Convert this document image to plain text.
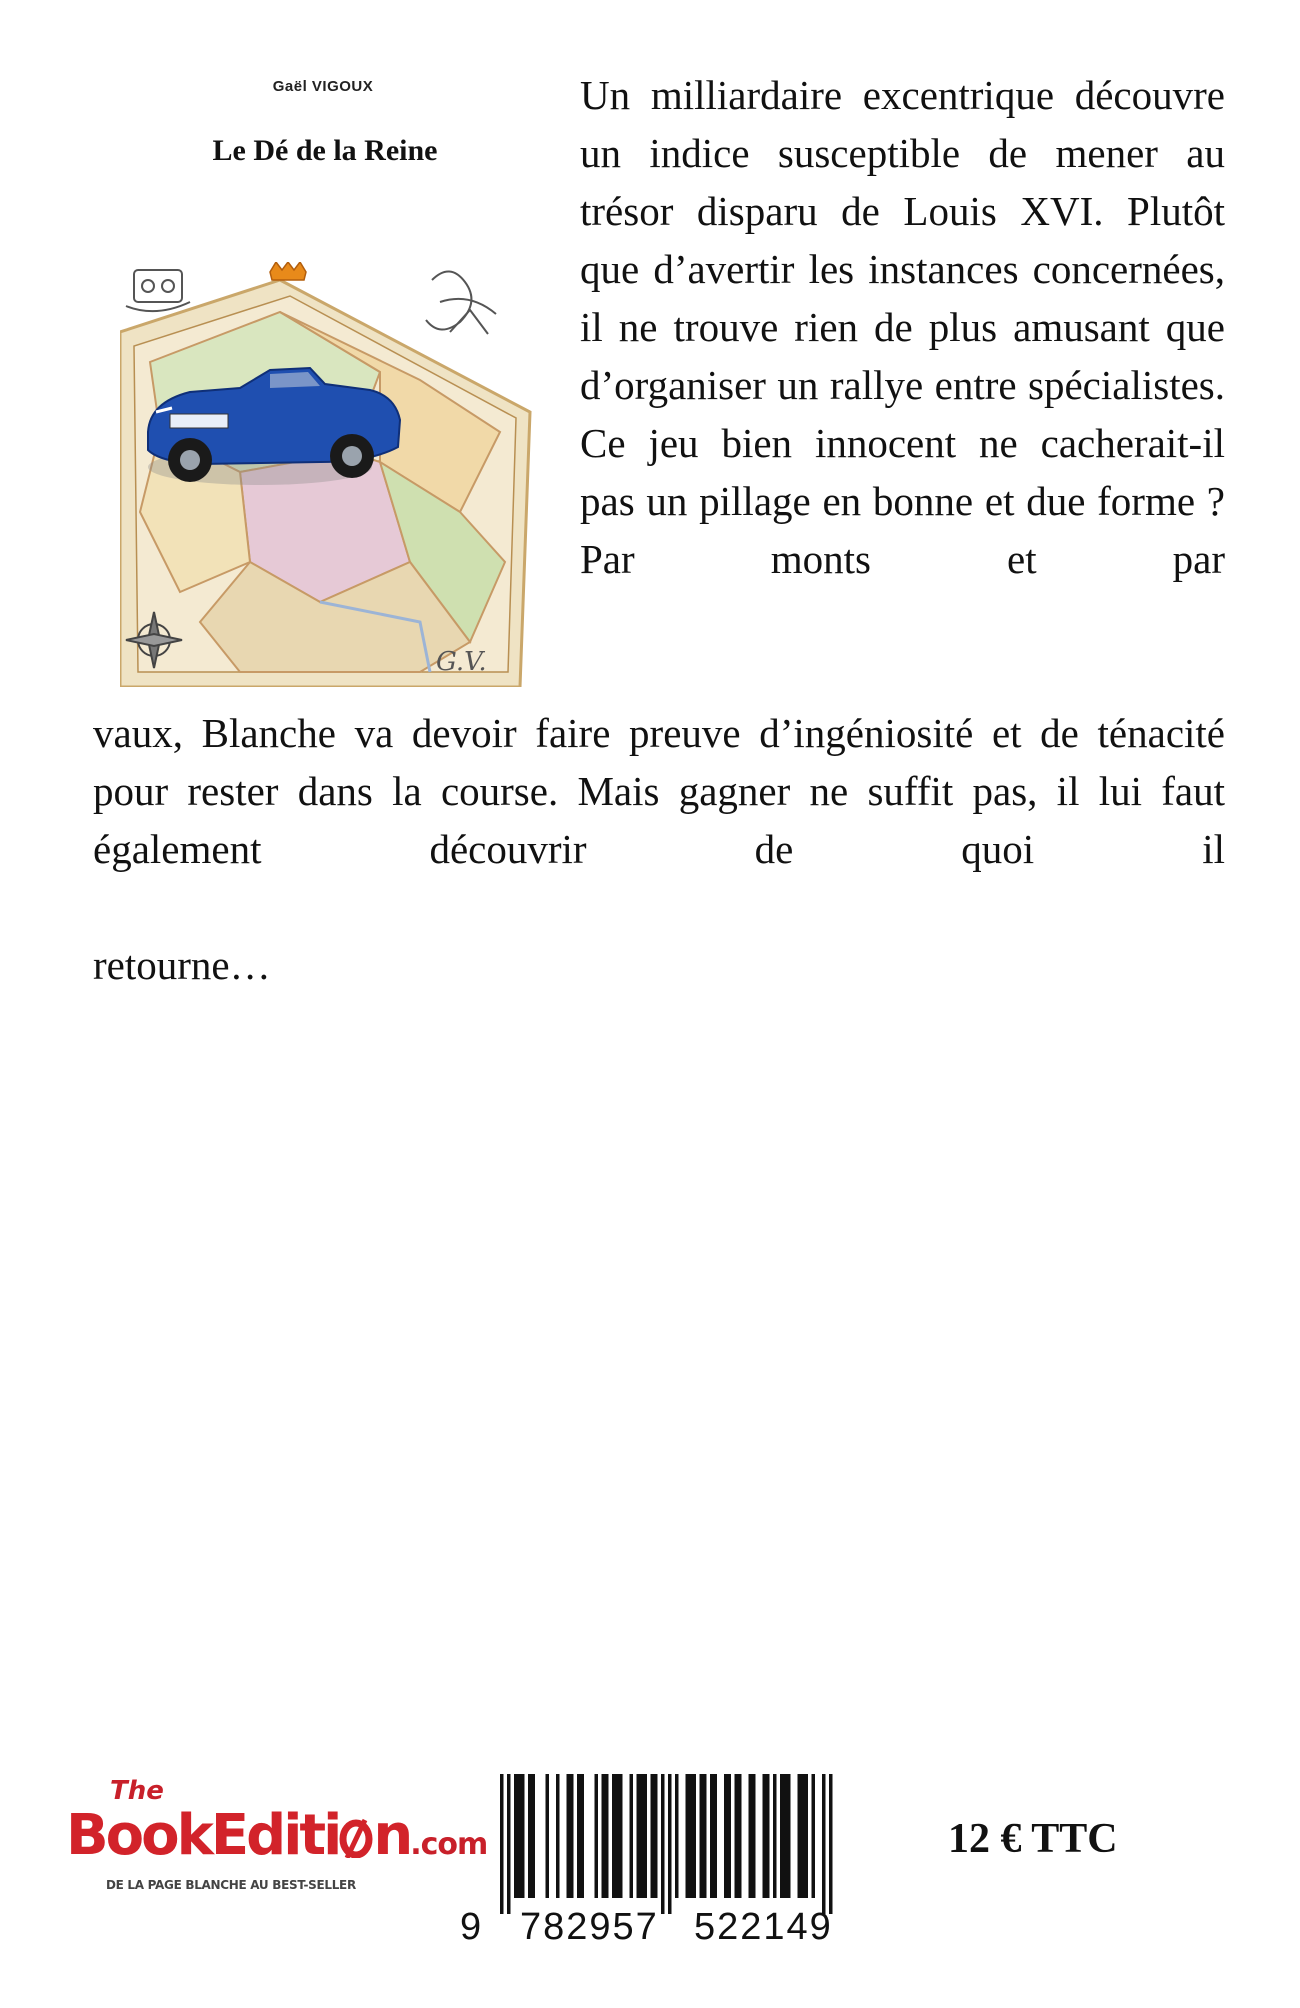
Gaël VIGOUX
Le Dé de la Reine
G.V.

Un milliardaire excentrique découvre un indice susceptible de mener au trésor disparu de Louis XVI. Plutôt que d’avertir les instances concernées, il ne trouve rien de plus amusant que d’organiser un rallye entre spécialistes. Ce jeu bien innocent ne cacherait-il pas un pillage en bonne et due forme ? Par monts et par

vaux, Blanche va devoir faire preuve d’ingéniosité et de ténacité pour rester dans la course. Mais gagner ne suffit pas, il lui faut également découvrir de quoi il

retourne…

The
BookEditi n.com
DE LA PAGE BLANCHE AU BEST-SELLER
9 782957 522149
12 € TTC
